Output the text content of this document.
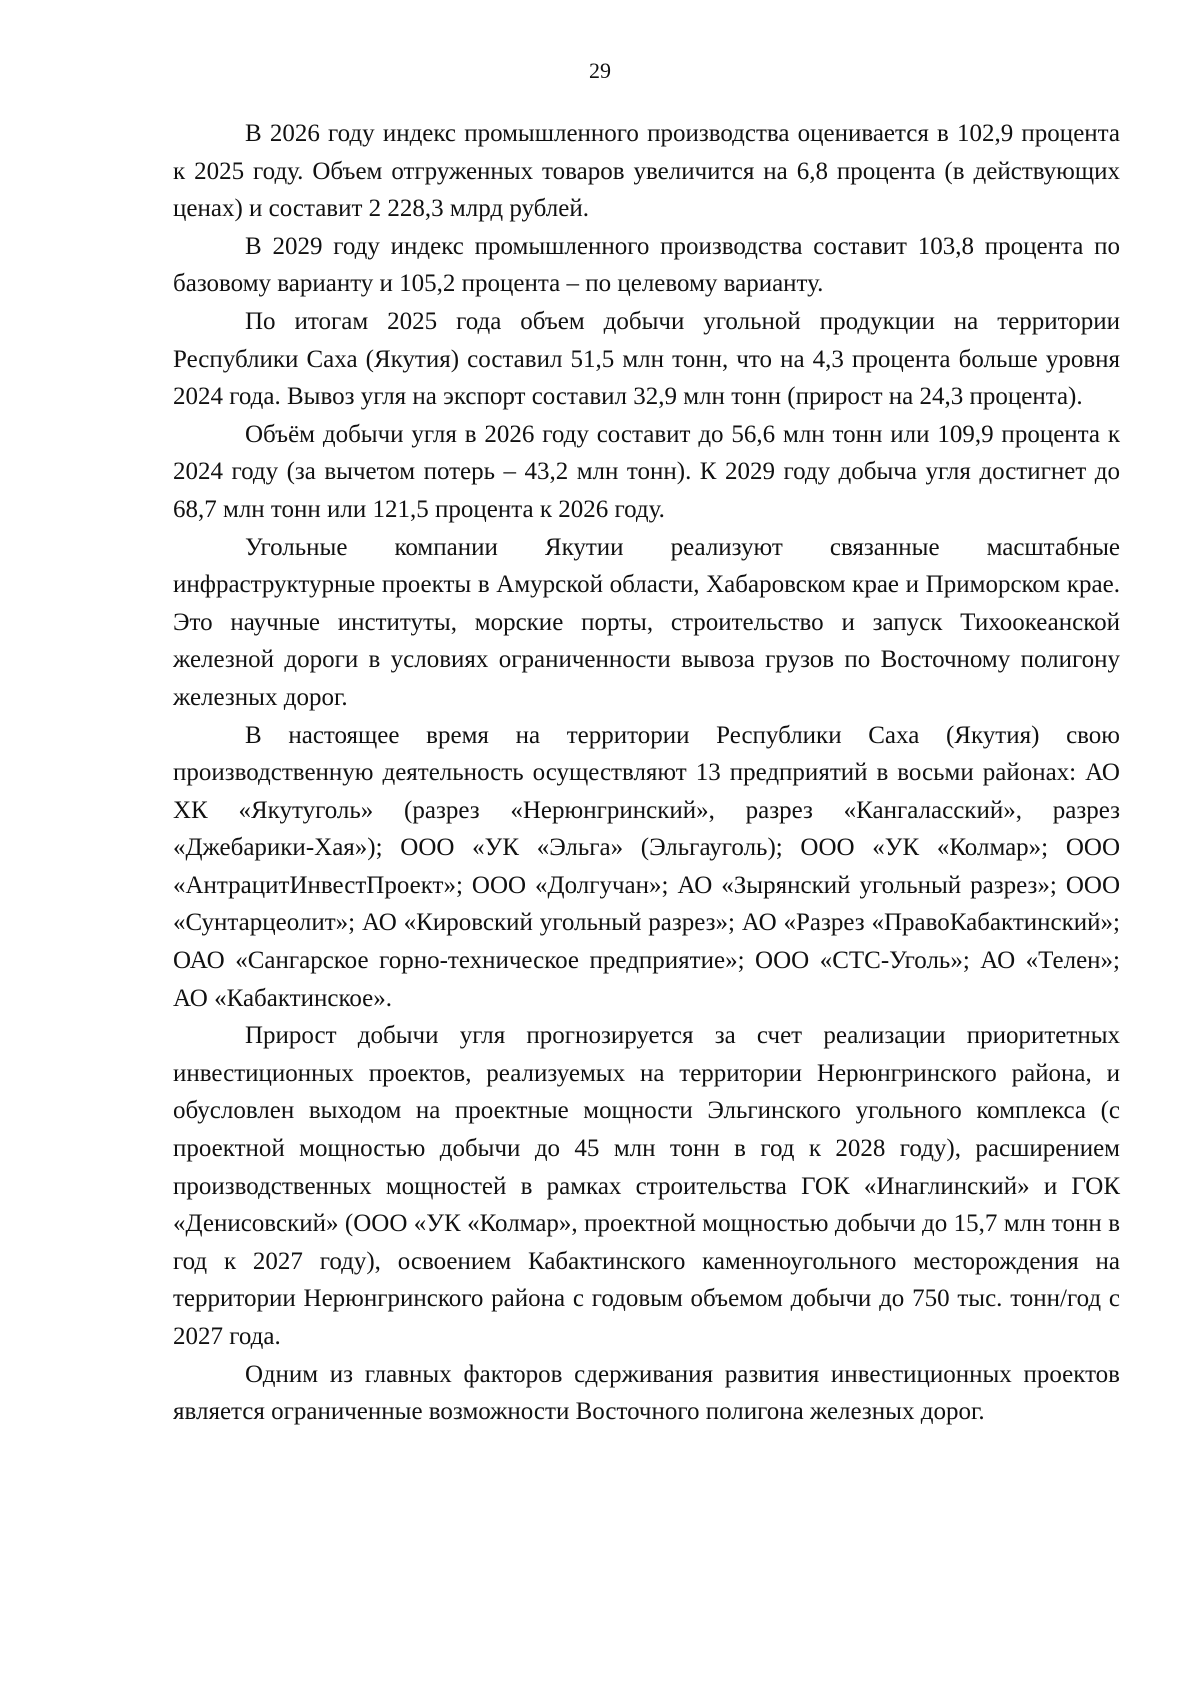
29

В 2026 году индекс промышленного производства оценивается в 102,9 процента к 2025 году. Объем отгруженных товаров увеличится на 6,8 процента (в действующих ценах) и составит 2 228,3 млрд рублей.

В 2029 году индекс промышленного производства составит 103,8 процента по базовому варианту и 105,2 процента – по целевому варианту.

По итогам 2025 года объем добычи угольной продукции на территории Республики Саха (Якутия) составил 51,5 млн тонн, что на 4,3 процента больше уровня 2024 года. Вывоз угля на экспорт составил 32,9 млн тонн (прирост на 24,3 процента).

Объём добычи угля в 2026 году составит до 56,6 млн тонн или 109,9 процента к 2024 году (за вычетом потерь – 43,2 млн тонн). К 2029 году добыча угля достигнет до 68,7 млн тонн или 121,5 процента к 2026 году.

Угольные компании Якутии реализуют связанные масштабные инфраструктурные проекты в Амурской области, Хабаровском крае и Приморском крае. Это научные институты, морские порты, строительство и запуск Тихоокеанской железной дороги в условиях ограниченности вывоза грузов по Восточному полигону железных дорог.

В настоящее время на территории Республики Саха (Якутия) свою производственную деятельность осуществляют 13 предприятий в восьми районах: АО ХК «Якутуголь» (разрез «Нерюнгринский», разрез «Кангаласский», разрез «Джебарики-Хая»); ООО «УК «Эльга» (Эльгауголь); ООО «УК «Колмар»; ООО «АнтрацитИнвестПроект»; ООО «Долгучан»; АО «Зырянский угольный разрез»; ООО «Сунтарцеолит»; АО «Кировский угольный разрез»; АО «Разрез «ПравоКабактинский»; ОАО «Сангарское горно-техническое предприятие»; ООО «СТС-Уголь»; АО «Телен»; АО «Кабактинское».

Прирост добычи угля прогнозируется за счет реализации приоритетных инвестиционных проектов, реализуемых на территории Нерюнгринского района, и обусловлен выходом на проектные мощности Эльгинского угольного комплекса (с проектной мощностью добычи до 45 млн тонн в год к 2028 году), расширением производственных мощностей в рамках строительства ГОК «Инаглинский» и ГОК «Денисовский» (ООО «УК «Колмар», проектной мощностью добычи до 15,7 млн тонн в год к 2027 году), освоением Кабактинского каменноугольного месторождения на территории Нерюнгринского района с годовым объемом добычи до 750 тыс. тонн/год с 2027 года.

Одним из главных факторов сдерживания развития инвестиционных проектов является ограниченные возможности Восточного полигона железных дорог.
